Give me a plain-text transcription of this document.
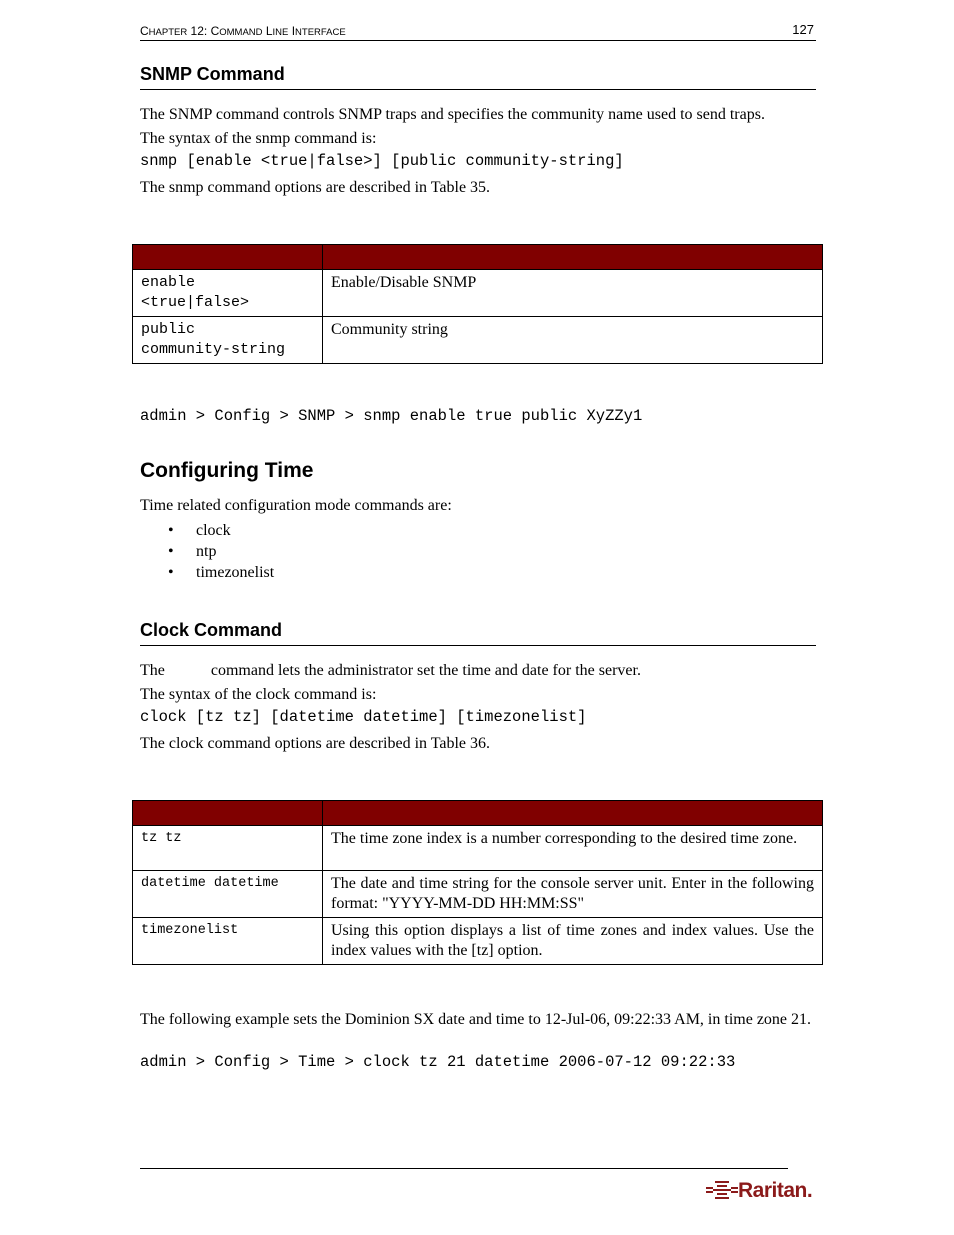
CHAPTER 12: COMMAND LINE INTERFACE	127
SNMP Command
The SNMP command controls SNMP traps and specifies the community name used to send traps.
The syntax of the snmp command is:
snmp [enable <true|false>] [public community-string]
The snmp command options are described in Table 35.

enable
<true|false>	Enable/Disable SNMP
public
community-string	Community string
admin > Config > SNMP > snmp enable true public XyZZy1
Configuring Time
Time related configuration mode commands are:
• clock
• ntp
• timezonelist
Clock Command
The	command lets the administrator set the time and date for the server.
The syntax of the clock command is:
clock [tz tz] [datetime datetime] [timezonelist]
The clock command options are described in Table 36.

tz tz	The time zone index is a number corresponding to the desired time zone.
datetime datetime	The date and time string for the console server unit. Enter in the following format: "YYYY-MM-DD HH:MM:SS"
timezonelist	Using this option displays a list of time zones and index values. Use the index values with the [tz] option.
The following example sets the Dominion SX date and time to 12-Jul-06, 09:22:33 AM, in time zone 21.
admin > Config > Time > clock tz 21 datetime 2006-07-12 09:22:33
Raritan.
